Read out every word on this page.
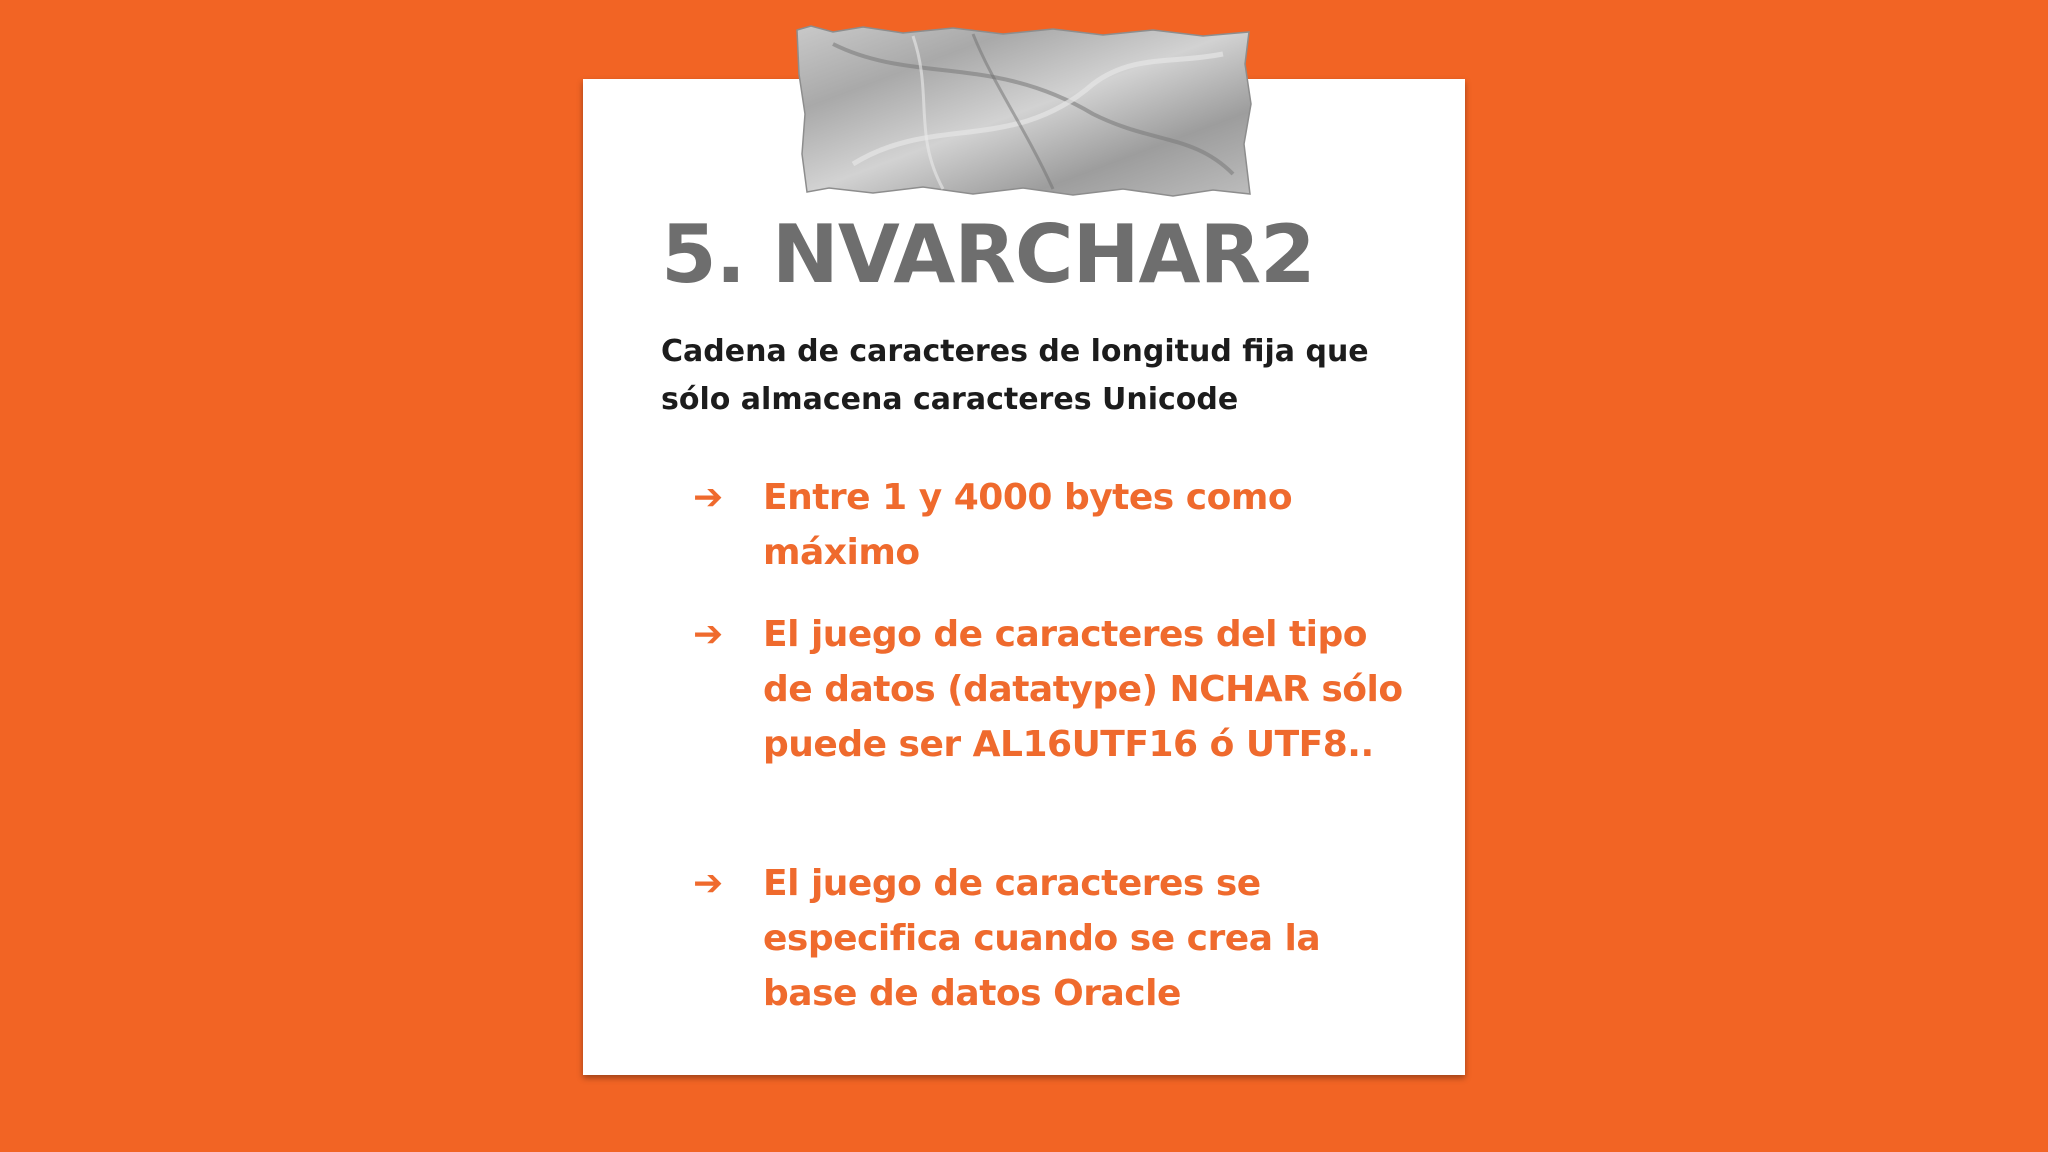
5. NVARCHAR2

Cadena de caracteres de longitud fija que sólo almacena caracteres Unicode

➔ Entre 1 y 4000 bytes como máximo
➔ El juego de caracteres del tipo de datos (datatype) NCHAR sólo puede ser AL16UTF16 ó UTF8..
➔ El juego de caracteres se especifica cuando se crea la base de datos Oracle
